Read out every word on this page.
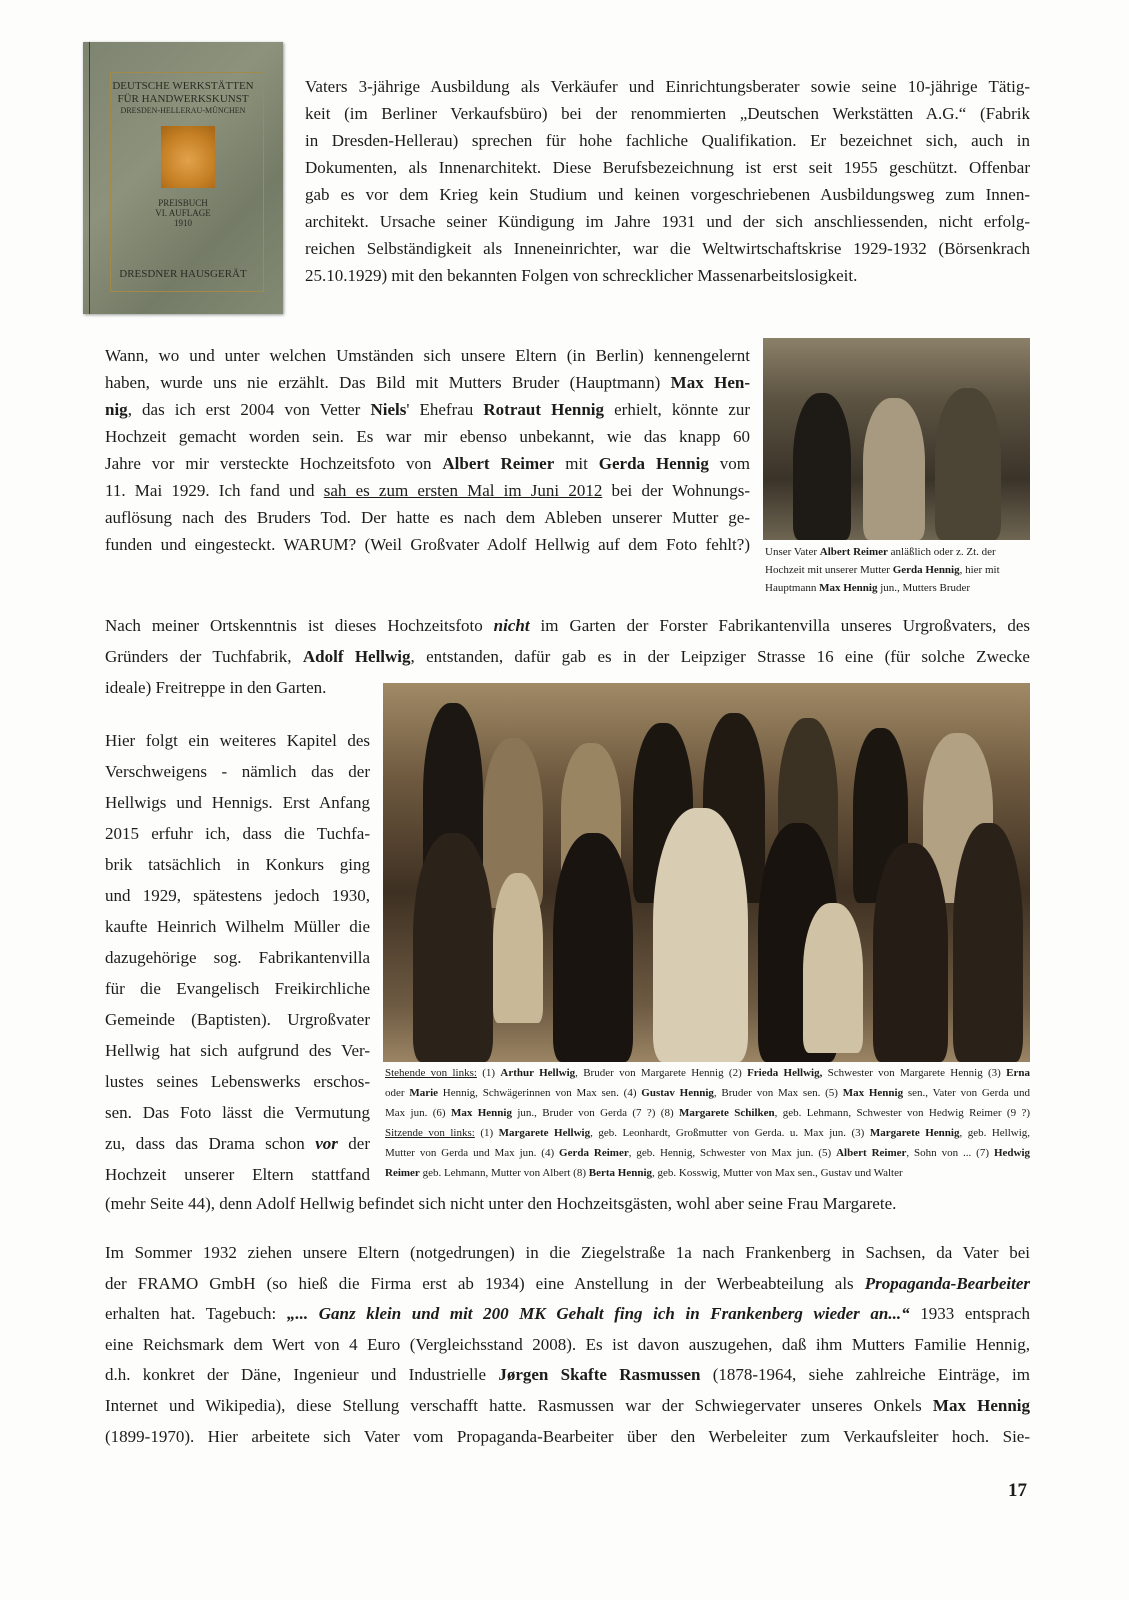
DEUTSCHE WERKSTÄTTEN
FÜR HANDWERKSKUNST
DRESDEN-HELLERAU-MÜNCHEN
PREISBUCH
VI. AUFLAGE
1910
DRESDNER HAUSGERÄT
Vaters 3-jährige Ausbildung als Verkäufer und Einrichtungsberater sowie seine 10-jährige Tätig-
keit (im Berliner Verkaufsbüro) bei der renommierten „Deutschen Werkstätten A.G.“ (Fabrik
in Dresden-Hellerau) sprechen für hohe fachliche Qualifikation. Er bezeichnet sich, auch in
Dokumenten, als Innenarchitekt. Diese Berufsbezeichnung ist erst seit 1955 geschützt. Offenbar
gab es vor dem Krieg kein Studium und keinen vorgeschriebenen Ausbildungsweg zum Innen-
architekt. Ursache seiner Kündigung im Jahre 1931 und der sich anschliessenden, nicht erfolg-
reichen Selbständigkeit als Inneneinrichter, war die Weltwirtschaftskrise 1929-1932 (Börsenkrach
25.10.1929) mit den bekannten Folgen von schrecklicher Massenarbeitslosigkeit.
Wann, wo und unter welchen Umständen sich unsere Eltern (in Berlin) kennengelernt
haben, wurde uns nie erzählt. Das Bild mit Mutters Bruder (Hauptmann) Max Hen-
nig, das ich erst 2004 von Vetter Niels' Ehefrau Rotraut Hennig erhielt, könnte zur
Hochzeit gemacht worden sein. Es war mir ebenso unbekannt, wie das knapp 60
Jahre vor mir versteckte Hochzeitsfoto von Albert Reimer mit Gerda Hennig vom
11. Mai 1929. Ich fand und sah es zum ersten Mal im Juni 2012 bei der Wohnungs-
auflösung nach des Bruders Tod. Der hatte es nach dem Ableben unserer Mutter ge-
funden und eingesteckt. WARUM? (Weil Großvater Adolf Hellwig auf dem Foto fehlt?) Unser Vater Albert Reimer anläßlich oder z. Zt. der
Hochzeit mit unserer Mutter Gerda Hennig, hier mit
Hauptmann Max Hennig jun., Mutters Bruder
Nach meiner Ortskenntnis ist dieses Hochzeitsfoto nicht im Garten der Forster Fabrikantenvilla unseres Urgroßvaters, des
Gründers der Tuchfabrik, Adolf Hellwig, entstanden, dafür gab es in der Leipziger Strasse 16 eine (für solche Zwecke
ideale) Freitreppe in den Garten.
Stehende von links: (1) Arthur Hellwig, Bruder von Margarete Hennig (2) Frieda Hellwig, Schwester von Margarete Hennig (3) Erna
oder Marie Hennig, Schwägerinnen von Max sen. (4) Gustav Hennig, Bruder von Max sen. (5) Max Hennig sen., Vater von Gerda und
Max jun. (6) Max Hennig jun., Bruder von Gerda (7 ?) (8) Margarete Schilken, geb. Lehmann, Schwester von Hedwig Reimer (9 ?)
Sitzende von links: (1) Margarete Hellwig, geb. Leonhardt, Großmutter von Gerda. u. Max jun. (3) Margarete Hennig, geb. Hellwig,
Mutter von Gerda und Max jun. (4) Gerda Reimer, geb. Hennig, Schwester von Max jun. (5) Albert Reimer, Sohn von ... (7) Hedwig
Reimer geb. Lehmann, Mutter von Albert (8) Berta Hennig, geb. Kosswig, Mutter von Max sen., Gustav und Walter
Hier folgt ein weiteres Kapitel des
Verschweigens - nämlich das der
Hellwigs und Hennigs. Erst Anfang
2015 erfuhr ich, dass die Tuchfa-
brik tatsächlich in Konkurs ging
und 1929, spätestens jedoch 1930,
kaufte Heinrich Wilhelm Müller die
dazugehörige sog. Fabrikantenvilla
für die Evangelisch Freikirchliche
Gemeinde (Baptisten). Urgroßvater
Hellwig hat sich aufgrund des Ver-
lustes seines Lebenswerks erschos-
sen. Das Foto lässt die Vermutung
zu, dass das Drama schon vor der
Hochzeit unserer Eltern stattfand
(mehr Seite 44), denn Adolf Hellwig befindet sich nicht unter den Hochzeitsgästen, wohl aber seine Frau Margarete.
Im Sommer 1932 ziehen unsere Eltern (notgedrungen) in die Ziegelstraße 1a nach Frankenberg in Sachsen, da Vater bei
der FRAMO GmbH (so hieß die Firma erst ab 1934) eine Anstellung in der Werbeabteilung als Propaganda-Bearbeiter
erhalten hat. Tagebuch: „... Ganz klein und mit 200 MK Gehalt fing ich in Frankenberg wieder an...“ 1933 entsprach
eine Reichsmark dem Wert von 4 Euro (Vergleichsstand 2008). Es ist davon auszugehen, daß ihm Mutters Familie Hennig,
d.h. konkret der Däne, Ingenieur und Industrielle Jørgen Skafte Rasmussen (1878-1964, siehe zahlreiche Einträge, im
Internet und Wikipedia), diese Stellung verschafft hatte. Rasmussen war der Schwiegervater unseres Onkels Max Hennig
(1899-1970). Hier arbeitete sich Vater vom Propaganda-Bearbeiter über den Werbeleiter zum Verkaufsleiter hoch. Sie-
17
